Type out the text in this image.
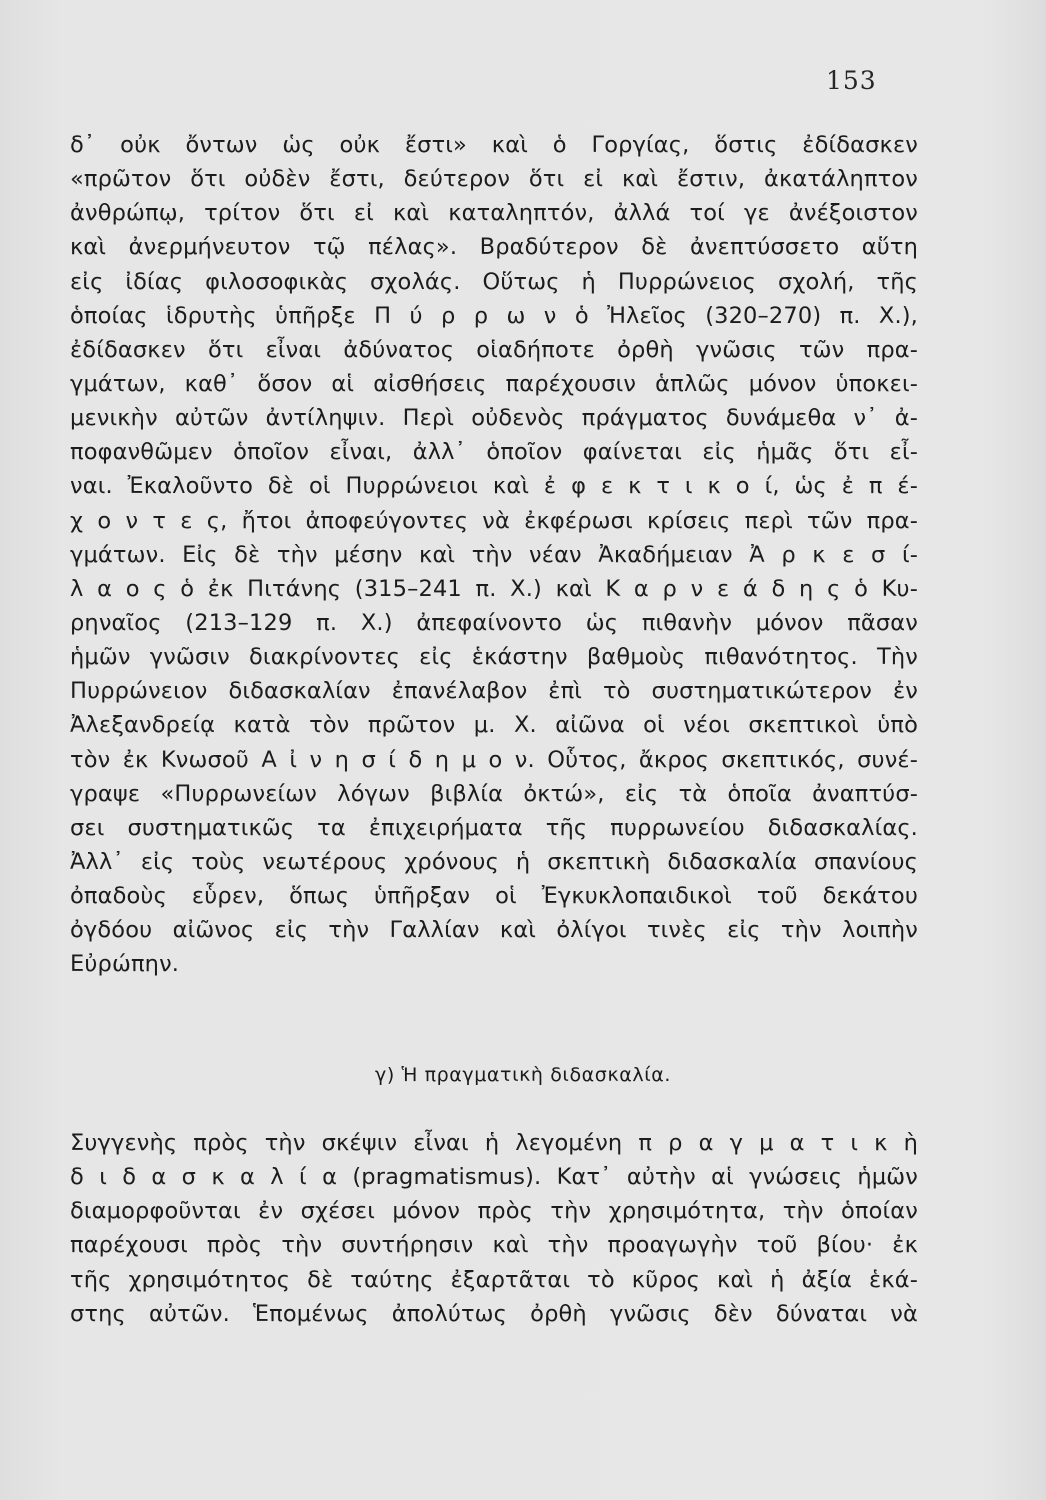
153
δ᾽ οὐκ ὄντων ὡς οὐκ ἔστι» καὶ ὁ Γοργίας, ὅστις ἐδίδασκεν
«πρῶτον ὅτι οὐδὲν ἔστι, δεύτερον ὅτι εἰ καὶ ἔστιν, ἀκατάληπτον
ἀνθρώπῳ, τρίτον ὅτι εἰ καὶ καταληπτόν, ἀλλά τοί γε ἀνέξοιστον
καὶ ἀνερμήνευτον τῷ πέλας». Βραδύτερον δὲ ἀνεπτύσσετο αὕτη
εἰς ἰδίας φιλοσοφικὰς σχολάς. Οὕτως ἡ Πυρρώνειος σχολή, τῆς
ὁποίας ἱδρυτὴς ὑπῆρξε Π ύ ρ ρ ω ν ὁ Ἠλεῖος (320–270) π. Χ.),
ἐδίδασκεν ὅτι εἶναι ἀδύνατος οἱαδήποτε ὀρθὴ γνῶσις τῶν πρα-
γμάτων, καθ᾽ ὅσον αἱ αἰσθήσεις παρέχουσιν ἁπλῶς μόνον ὑποκει-
μενικὴν αὐτῶν ἀντίληψιν. Περὶ οὐδενὸς πράγματος δυνάμεθα ν᾽ ἀ-
ποφανθῶμεν ὁποῖον εἶναι, ἀλλ᾽ ὁποῖον φαίνεται εἰς ἡμᾶς ὅτι εἶ-
ναι. Ἐκαλοῦντο δὲ οἱ Πυρρώνειοι καὶ ἐ φ ε κ τ ι κ ο ί, ὡς ἐ π έ-
χ ο ν τ ε ς, ἤτοι ἀποφεύγοντες νὰ ἐκφέρωσι κρίσεις περὶ τῶν πρα-
γμάτων. Εἰς δὲ τὴν μέσην καὶ τὴν νέαν Ἀκαδήμειαν Ἀ ρ κ ε σ ί-
λ α ο ς ὁ ἐκ Πιτάνης (315–241 π. Χ.) καὶ Κ α ρ ν ε ά δ η ς ὁ Κυ-
ρηναῖος (213–129 π. Χ.) ἀπεφαίνοντο ὡς πιθανὴν μόνον πᾶσαν
ἡμῶν γνῶσιν διακρίνοντες εἰς ἑκάστην βαθμοὺς πιθανότητος. Τὴν
Πυρρώνειον διδασκαλίαν ἐπανέλαβον ἐπὶ τὸ συστηματικώτερον ἐν
Ἀλεξανδρείᾳ κατὰ τὸν πρῶτον μ. Χ. αἰῶνα οἱ νέοι σκεπτικοὶ ὑπὸ
τὸν ἐκ Κνωσοῦ Α ἰ ν η σ ί δ η μ ο ν. Οὗτος, ἄκρος σκεπτικός, συνέ-
γραψε «Πυρρωνείων λόγων βιβλία ὀκτώ», εἰς τὰ ὁποῖα ἀναπτύσ-
σει συστηματικῶς τα ἐπιχειρήματα τῆς πυρρωνείου διδασκαλίας.
Ἀλλ᾽ εἰς τοὺς νεωτέρους χρόνους ἡ σκεπτικὴ διδασκαλία σπανίους
ὀπαδοὺς εὗρεν, ὅπως ὑπῆρξαν οἱ Ἐγκυκλοπαιδικοὶ τοῦ δεκάτου
ὀγδόου αἰῶνος εἰς τὴν Γαλλίαν καὶ ὀλίγοι τινὲς εἰς τὴν λοιπὴν
Εὐρώπην.
γ) Ἡ πραγματικὴ διδασκαλία.
Συγγενὴς πρὸς τὴν σκέψιν εἶναι ἡ λεγομένη π ρ α γ μ α τ ι κ ὴ
δ ι δ α σ κ α λ ί α (pragmatismus). Κατ᾽ αὐτὴν αἱ γνώσεις ἡμῶν
διαμορφοῦνται ἐν σχέσει μόνον πρὸς τὴν χρησιμότητα, τὴν ὁποίαν
παρέχουσι πρὸς τὴν συντήρησιν καὶ τὴν προαγωγὴν τοῦ βίου· ἐκ
τῆς χρησιμότητος δὲ ταύτης ἐξαρτᾶται τὸ κῦρος καὶ ἡ ἀξία ἑκά-
στης αὐτῶν. Ἑπομένως ἀπολύτως ὀρθὴ γνῶσις δὲν δύναται νὰ
